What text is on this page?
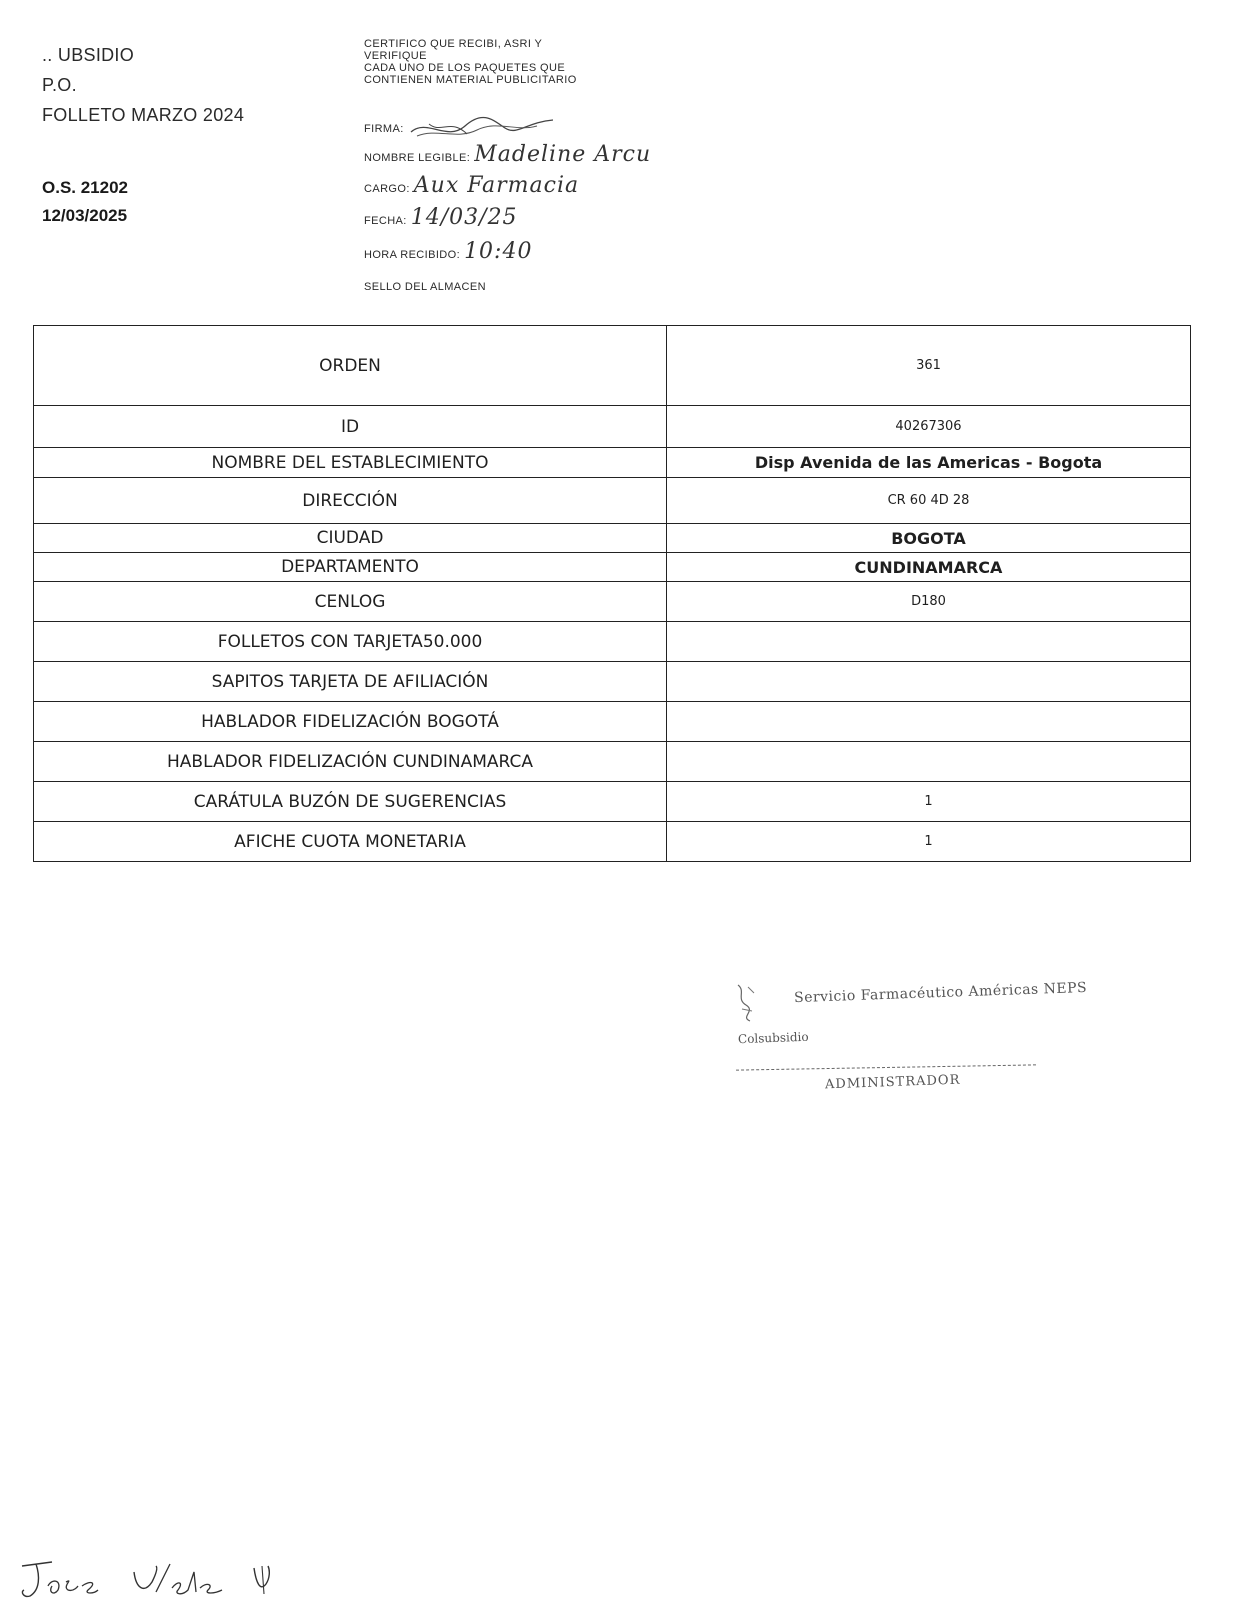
.. UBSIDIO
P.O.
FOLLETO MARZO 2024
O.S. 21202
12/03/2025
CERTIFICO QUE RECIBI, ASRI Y
VERIFIQUE
CADA UNO DE LOS PAQUETES QUE
CONTIENEN MATERIAL PUBLICITARIO
FIRMA:
NOMBRE LEGIBLE: Madeline Arcu
CARGO: Aux Farmacia
FECHA: 14/03/25
HORA RECIBIDO: 10:40
SELLO DEL ALMACEN
ORDEN	361
ID	40267306
NOMBRE DEL ESTABLECIMIENTO	Disp Avenida de las Americas - Bogota
DIRECCIÓN	CR 60 4D 28
CIUDAD	BOGOTA
DEPARTAMENTO	CUNDINAMARCA
CENLOG	D180
FOLLETOS CON TARJETA50.000	
SAPITOS TARJETA DE AFILIACIÓN	
HABLADOR FIDELIZACIÓN BOGOTÁ	
HABLADOR FIDELIZACIÓN CUNDINAMARCA	
CARÁTULA BUZÓN DE SUGERENCIAS	1
AFICHE CUOTA MONETARIA	1
Servicio Farmacéutico Américas NEPS
Colsubsidio
ADMINISTRADOR
